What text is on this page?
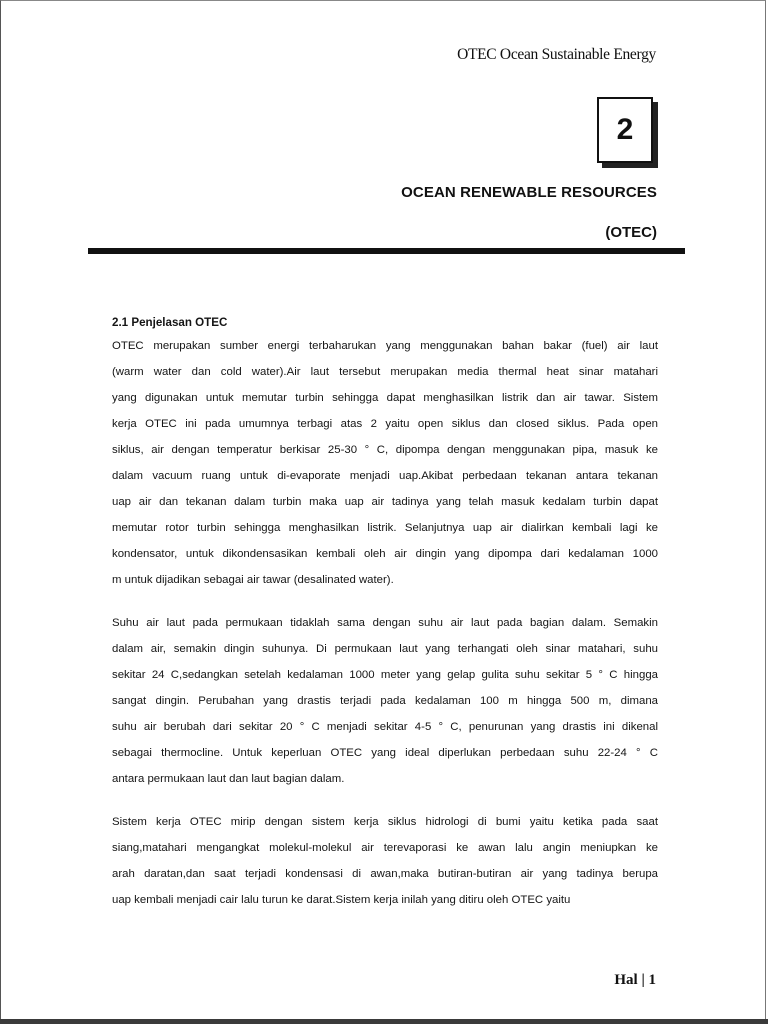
OTEC Ocean Sustainable Energy
2
OCEAN RENEWABLE RESOURCES
(OTEC)

2.1 Penjelasan OTEC

OTEC merupakan sumber energi terbaharukan yang menggunakan bahan bakar (fuel) air laut
(warm water dan cold water).Air laut tersebut merupakan media thermal heat sinar matahari
yang digunakan untuk memutar turbin sehingga dapat menghasilkan listrik dan air tawar. Sistem
kerja OTEC ini pada umumnya terbagi atas 2 yaitu open siklus dan closed siklus. Pada open
siklus, air dengan temperatur berkisar 25-30 ° C, dipompa dengan menggunakan pipa, masuk ke
dalam vacuum ruang untuk di-evaporate menjadi uap.Akibat perbedaan tekanan antara tekanan
uap air dan tekanan dalam turbin maka uap air tadinya yang telah masuk kedalam turbin dapat
memutar rotor turbin sehingga menghasilkan listrik. Selanjutnya uap air dialirkan kembali lagi ke
kondensator, untuk dikondensasikan kembali oleh air dingin yang dipompa dari kedalaman 1000
m untuk dijadikan sebagai air tawar (desalinated water).

Suhu air laut pada permukaan tidaklah sama dengan suhu air laut pada bagian dalam. Semakin
dalam air, semakin dingin suhunya. Di permukaan laut yang terhangati oleh sinar matahari, suhu
sekitar 24 C,sedangkan setelah kedalaman 1000 meter yang gelap gulita suhu sekitar 5 ° C hingga
sangat dingin. Perubahan yang drastis terjadi pada kedalaman 100 m hingga 500 m, dimana
suhu air berubah dari sekitar 20 ° C menjadi sekitar 4-5 ° C, penurunan yang drastis ini dikenal
sebagai thermocline. Untuk keperluan OTEC yang ideal diperlukan perbedaan suhu 22-24 ° C
antara permukaan laut dan laut bagian dalam.

Sistem kerja OTEC mirip dengan sistem kerja siklus hidrologi di bumi yaitu ketika pada saat
siang,matahari mengangkat molekul-molekul air terevaporasi ke awan lalu angin meniupkan ke
arah daratan,dan saat terjadi kondensasi di awan,maka butiran-butiran air yang tadinya berupa
uap kembali menjadi cair lalu turun ke darat.Sistem kerja inilah yang ditiru oleh OTEC yaitu

Hal | 1
